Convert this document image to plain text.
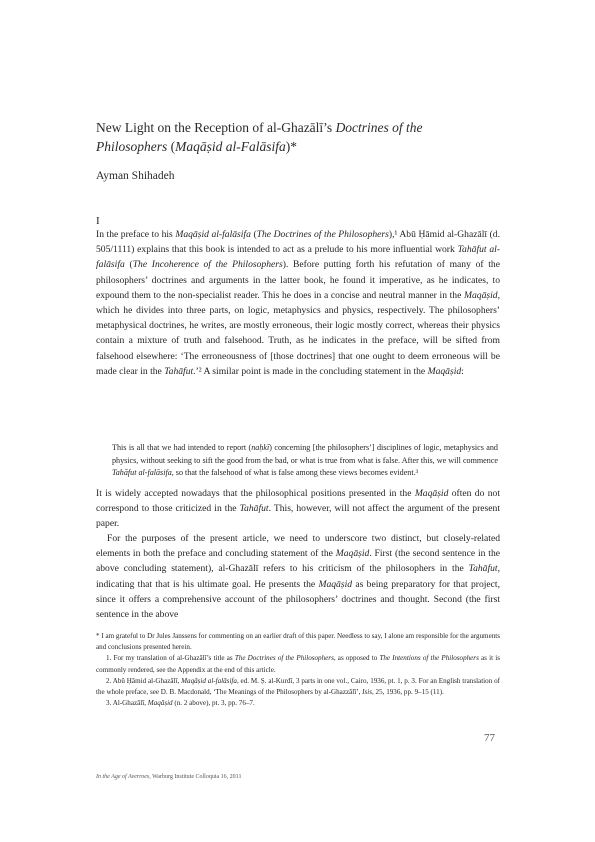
New Light on the Reception of al-Ghazālī’s Doctrines of the Philosophers (Maqāṣid al-Falāsifa)*
Ayman Shihadeh
I

In the preface to his Maqāṣid al-falāsifa (The Doctrines of the Philosophers),¹ Abū Ḥāmid al-Ghazālī (d. 505/1111) explains that this book is intended to act as a prelude to his more influential work Tahāfut al-falāsifa (The Incoherence of the Philosophers). Before putting forth his refutation of many of the philosophers’ doctrines and arguments in the latter book, he found it imperative, as he indicates, to expound them to the non-specialist reader. This he does in a concise and neutral manner in the Maqāṣid, which he divides into three parts, on logic, metaphysics and physics, respectively. The philosophers’ metaphysical doctrines, he writes, are mostly erroneous, their logic mostly correct, whereas their physics contain a mixture of truth and falsehood. Truth, as he indicates in the preface, will be sifted from falsehood elsewhere: ‘The erroneousness of [those doctrines] that one ought to deem erroneous will be made clear in the Tahāfut.’² A similar point is made in the concluding statement in the Maqāṣid:

This is all that we had intended to report (naḥkī) concerning [the philosophers’] disciplines of logic, metaphysics and physics, without seeking to sift the good from the bad, or what is true from what is false. After this, we will commence Tahāfut al-falāsifa, so that the falsehood of what is false among these views becomes evident.³

It is widely accepted nowadays that the philosophical positions presented in the Maqāṣid often do not correspond to those criticized in the Tahāfut. This, however, will not affect the argument of the present paper.

For the purposes of the present article, we need to underscore two distinct, but closely-related elements in both the preface and concluding statement of the Maqāṣid. First (the second sentence in the above concluding statement), al-Ghazālī refers to his criticism of the philosophers in the Tahāfut, indicating that that is his ultimate goal. He presents the Maqāṣid as being preparatory for that project, since it offers a comprehensive account of the philosophers’ doctrines and thought. Second (the first sentence in the above

* I am grateful to Dr Jules Janssens for commenting on an earlier draft of this paper. Needless to say, I alone am responsible for the arguments and conclusions presented herein.

1. For my translation of al-Ghazālī’s title as The Doctrines of the Philosophers, as opposed to The Intentions of the Philosophers as it is commonly rendered, see the Appendix at the end of this article.

2. Abū Ḥāmid al-Ghazālī, Maqāṣid al-falāsifa, ed. M. Ṣ. al-Kurdī, 3 parts in one vol., Cairo, 1936, pt. 1, p. 3. For an English translation of the whole preface, see D. B. Macdonald, ‘The Meanings of the Philosophers by al-Ghazzālī’, Isis, 25, 1936, pp. 9–15 (11).

3. Al-Ghazālī, Maqāṣid (n. 2 above), pt. 3, pp. 76–7.

77
In the Age of Averroes, Warburg Institute Colloquia 16, 2011
